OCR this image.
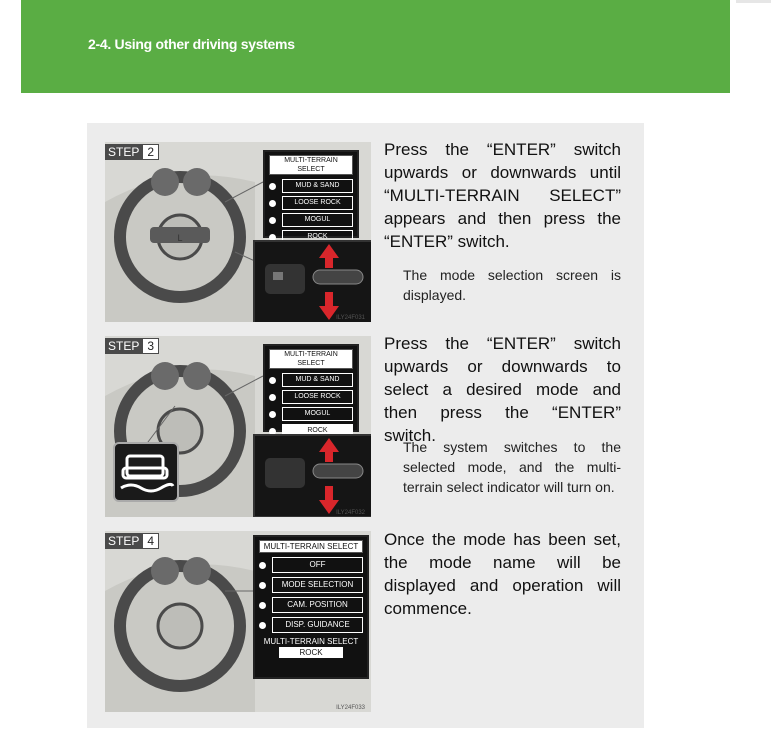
2-4. Using other driving systems
STEP 2
L
MULTI-TERRAIN SELECT
MUD & SAND
LOOSE ROCK
MOGUL
ROCK
ILY24F031
Press the “ENTER” switch upwards or downwards until “MULTI-TERRAIN SELECT” appears and then press the “ENTER” switch.
The mode selection screen is displayed.
STEP 3
MULTI-TERRAIN SELECT
MUD & SAND
LOOSE ROCK
MOGUL
ROCK
ILY24F032
Press the “ENTER” switch upwards or downwards to select a desired mode and then press the “ENTER” switch.
The system switches to the selected mode, and the multi-terrain select indicator will turn on.
STEP 4	MULTI-TERRAIN SELECT
OFF
MODE SELECTION
CAM. POSITION
DISP. GUIDANCE
MULTI-TERRAIN SELECT
ROCK
ILY24F033
Once the mode has been set, the mode name will be displayed and operation will commence.
